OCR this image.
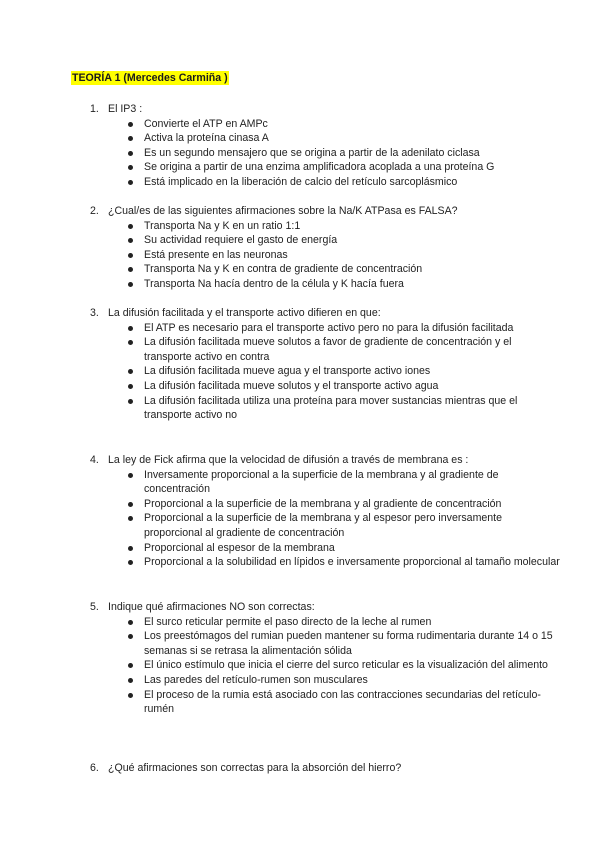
TEORÍA 1 (Mercedes Carmiña )
1. El IP3 :
Convierte el ATP en AMPc
Activa la proteína cinasa A
Es un segundo mensajero que se origina a partir de la adenilato ciclasa
Se origina a partir de una enzima amplificadora acoplada a una proteína G
Está implicado en la liberación de calcio del retículo sarcoplásmico
2. ¿Cual/es de las siguientes afirmaciones sobre la Na/K ATPasa es FALSA?
Transporta Na y K en un ratio 1:1
Su actividad requiere el gasto de energía
Está presente en las neuronas
Transporta Na y K en contra de gradiente de concentración
Transporta Na hacía dentro de la célula y K hacía fuera
3. La difusión facilitada y el transporte activo difieren en que:
El ATP es necesario para el transporte activo pero no para la difusión facilitada
La difusión facilitada mueve solutos a favor de gradiente de concentración y el transporte activo en contra
La difusión facilitada mueve agua y el transporte activo iones
La difusión facilitada mueve solutos y el transporte activo agua
La difusión facilitada utiliza una proteína para mover sustancias mientras que el transporte activo no
4. La ley de Fick afirma que la velocidad de difusión a través de membrana es :
Inversamente proporcional a la superficie de la membrana y al gradiente de concentración
Proporcional a la superficie de la membrana y al gradiente de concentración
Proporcional a la superficie de la membrana y al espesor pero inversamente proporcional al gradiente de concentración
Proporcional al espesor de la membrana
Proporcional a la solubilidad en lípidos e inversamente proporcional al tamaño molecular
5. Indique qué afirmaciones NO son correctas:
El surco reticular permite el paso directo de la leche al rumen
Los preestómagos del rumian pueden mantener su forma rudimentaria durante 14 o 15 semanas si se retrasa la alimentación sólida
El único estímulo que inicia el cierre del surco reticular es la visualización del alimento
Las paredes del retículo-rumen son musculares
El proceso de la rumia está asociado con las contracciones secundarias del retículo-rumén
6. ¿Qué afirmaciones son correctas para la absorción del hierro?
